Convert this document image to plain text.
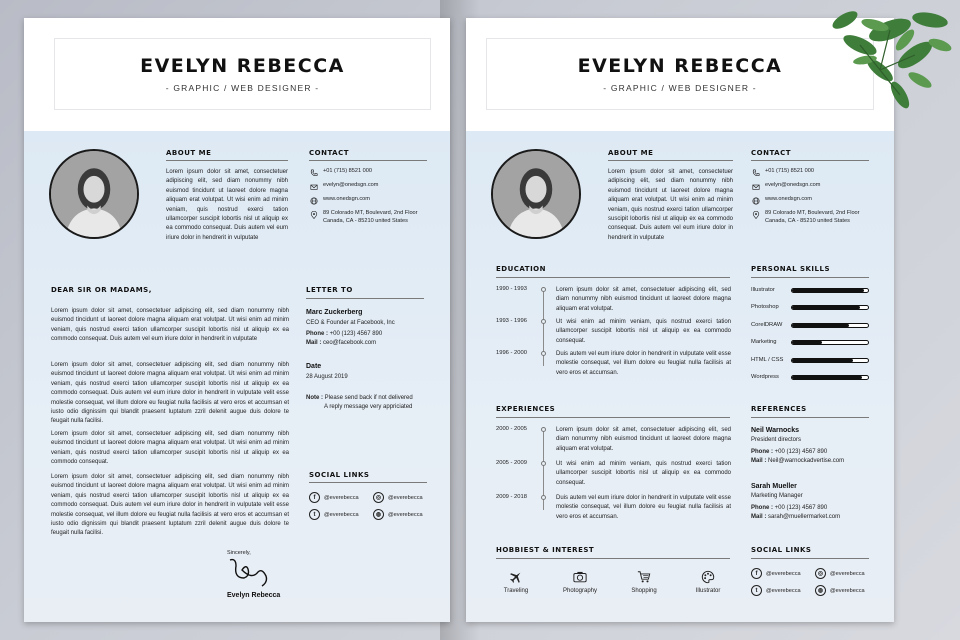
EVELYN REBECCA
- GRAPHIC / WEB DESIGNER -
ABOUT ME
Lorem ipsum dolor sit amet, consectetuer adipiscing elit, sed diam nonummy nibh euismod tincidunt ut laoreet dolore magna aliquam erat volutpat. Ut wisi enim ad minim veniam, quis nostrud exerci tation ullamcorper suscipit lobortis nisl ut aliquip ex ea commodo consequat. Duis autem vel eum iriure dolor in hendrerit in vulputate
CONTACT
+01 (715) 8521 000
evelyn@onedsgn.com
www.onedsgn.com
89 Colorado MT, Boulevard, 2nd Floor Canada, CA - 85210 united States
DEAR SIR OR MADAMS,
Lorem ipsum dolor sit amet, consectetuer adipiscing elit, sed diam nonummy nibh euismod tincidunt ut laoreet dolore magna aliquam erat volutpat. Ut wisi enim ad minim veniam, quis nostrud exerci tation ullamcorper suscipit lobortis nisl ut aliquip ex ea commodo consequat. Duis autem vel eum iriure dolor in hendrerit in vulputate
Lorem ipsum dolor sit amet, consectetuer adipiscing elit, sed diam nonummy nibh euismod tincidunt ut laoreet dolore magna aliquam erat volutpat. Ut wisi enim ad minim veniam, quis nostrud exerci tation ullamcorper suscipit lobortis nisl ut aliquip ex ea commodo consequat. Duis autem vel eum iriure dolor in hendrerit in vulputate velit esse molestie consequat, vel illum dolore eu feugiat nulla facilisis at vero eros et accumsan et iusto odio dignissim qui blandit praesent luptatum zzril delenit augue duis dolore te feugait nulla facilisi.
Lorem ipsum dolor sit amet, consectetuer adipiscing elit, sed diam nonummy nibh euismod tincidunt ut laoreet dolore magna aliquam erat volutpat. Ut wisi enim ad minim veniam, quis nostrud exerci tation ullamcorper suscipit lobortis nisl ut aliquip ex ea commodo consequat.
Lorem ipsum dolor sit amet, consectetuer adipiscing elit, sed diam nonummy nibh euismod tincidunt ut laoreet dolore magna aliquam erat volutpat. Ut wisi enim ad minim veniam, quis nostrud exerci tation ullamcorper suscipit lobortis nisl ut aliquip ex ea commodo consequat. Duis autem vel eum iriure dolor in hendrerit in vulputate velit esse molestie consequat, vel illum dolore eu feugiat nulla facilisis at vero eros et accumsan et iusto odio dignissim qui blandit praesent luptatum zzril delenit augue duis dolore te feugait nulla facilisi.
LETTER TO
Marc Zuckerberg
CEO & Founder at Facebook, Inc
Phone : +00 (123) 4567 890
Mail : ceo@facebook.com
Date
28 August 2019
Note : Please send back if not delivered
A reply message very appriciated
SOCIAL LINKS
f	@everebecca	◎	@everebecca
t	@everebecca	◍	@everebecca
Sincerely,
Evelyn Rebecca
EVELYN REBECCA
- GRAPHIC / WEB DESIGNER -
ABOUT ME
Lorem ipsum dolor sit amet, consectetuer adipiscing elit, sed diam nonummy nibh euismod tincidunt ut laoreet dolore magna aliquam erat volutpat. Ut wisi enim ad minim veniam, quis nostrud exerci tation ullamcorper suscipit lobortis nisl ut aliquip ex ea commodo consequat. Duis autem vel eum iriure dolor in hendrerit in vulputate
CONTACT
+01 (715) 8521 000
evelyn@onedsgn.com
www.onedsgn.com
89 Colorado MT, Boulevard, 2nd Floor Canada, CA - 85210 united States
EDUCATION
1990 - 1993	Lorem ipsum dolor sit amet, consectetuer adipiscing elit, sed diam nonummy nibh euismod tincidunt ut laoreet dolore magna aliquam erat volutpat.
1993 - 1996	Ut wisi enim ad minim veniam, quis nostrud exerci tation ullamcorper suscipit lobortis nisl ut aliquip ex ea commodo consequat.
1996 - 2000	Duis autem vel eum iriure dolor in hendrerit in vulputate velit esse molestie consequat, vel illum dolore eu feugiat nulla facilisis at vero eros et accumsan.
PERSONAL SKILLS
Illustrator
Photoshop
CorelDRAW
Marketing
HTML / CSS
Wordpress
EXPERIENCES
2000 - 2005	Lorem ipsum dolor sit amet, consectetuer adipiscing elit, sed diam nonummy nibh euismod tincidunt ut laoreet dolore magna aliquam erat volutpat.
2005 - 2009	Ut wisi enim ad minim veniam, quis nostrud exerci tation ullamcorper suscipit lobortis nisl ut aliquip ex ea commodo consequat.
2009 - 2018	Duis autem vel eum iriure dolor in hendrerit in vulputate velit esse molestie consequat, vel illum dolore eu feugiat nulla facilisis at vero eros et accumsan.
REFERENCES
Neil Warnocks
President directors
Phone : +00 (123) 4567 890
Mail : Neil@warnockadvertise.com
Sarah Mueller
Marketing Manager
Phone : +00 (123) 4567 890
Mail : sarah@muellermarket.com
HOBBIEST & INTEREST
Traveling	Photography	Shopping	Illustrator
SOCIAL LINKS
f	@everebecca	◎	@everebecca
t	@everebecca	◍	@everebecca
